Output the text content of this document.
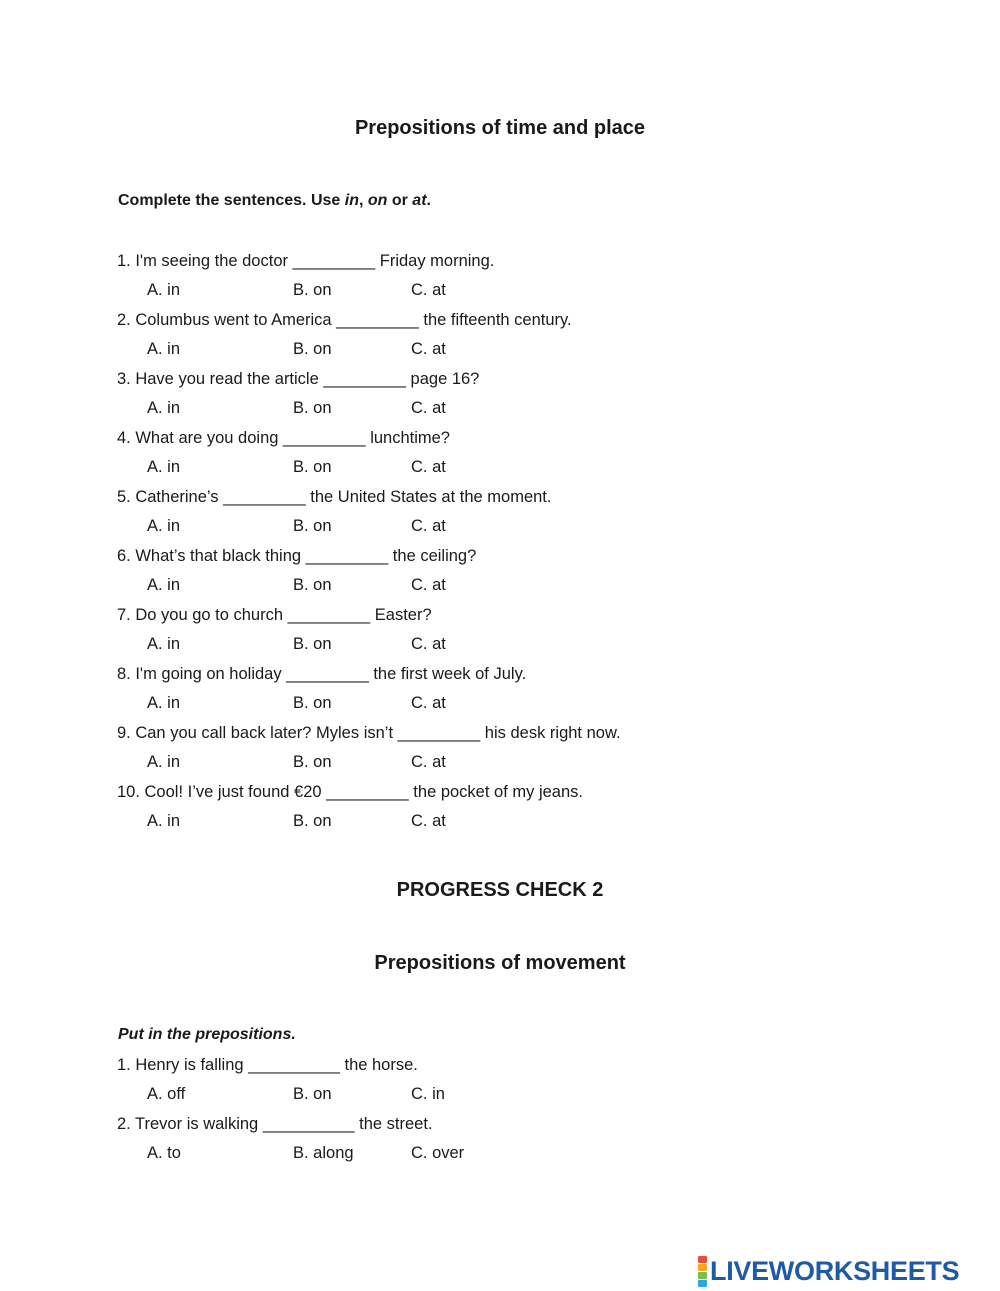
Prepositions of time and place

Complete the sentences. Use in, on or at.

1. I'm seeing the doctor _________ Friday morning.

A. in	B. on	C. at

2. Columbus went to America _________ the fifteenth century.

A. in	B. on	C. at

3. Have you read the article _________ page 16?

A. in	B. on	C. at

4. What are you doing _________ lunchtime?

A. in	B. on	C. at

5. Catherine’s _________ the United States at the moment.

A. in	B. on	C. at

6. What’s that black thing _________ the ceiling?

A. in	B. on	C. at

7. Do you go to church _________ Easter?

A. in	B. on	C. at

8. I'm going on holiday _________ the first week of July.

A. in	B. on	C. at

9. Can you call back later? Myles isn’t _________ his desk right now.

A. in	B. on	C. at

10. Cool! I’ve just found €20 _________ the pocket of my jeans.

A. in	B. on	C. at
PROGRESS CHECK 2
Prepositions of movement

Put in the prepositions.

1. Henry is falling __________ the horse.

A. off	B. on	C. in

2. Trevor is walking __________ the street.

A. to	B. along	C. over
LIVEWORKSHEETS
